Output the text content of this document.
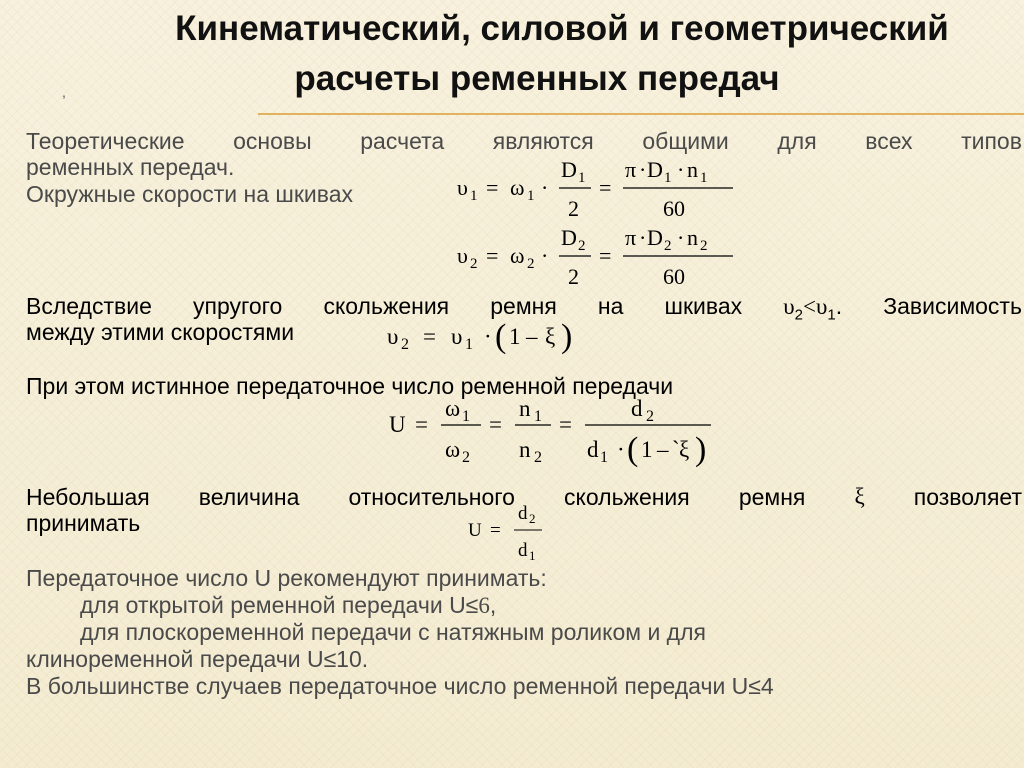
Кинематический, силовой и геометрический
расчеты ременных передач
,
Теоретические основы расчета являются общими для всех типов
ременных передач.
Окружные скорости на шкивах	υ 1 = ω 1 ·
D 1
2
=
π · D 1 · n 1
60
υ 2 = ω 2 ·
D 2
2
=
π · D 2 · n 2
60
Вследствие упругого скольжения ремня на шкивах $\upsilon_2<\upsilon_1$. Зависимость
между этими скоростями	υ 2 = υ 1 · ( 1 – ξ )
При этом истинное передаточное число ременной передачи
U =
ω 1
ω 2
=
n 1
n 2
=
d 2
d 1 · ( 1 – ` ξ )
Небольшая величина относительного скольжения ремня ξ позволяет
принимать	U =
d 2
d 1
Передаточное число U рекомендуют принимать:
для открытой ременной передачи U≤6,
для плоскоременной передачи с натяжным роликом и для
клиноременной передачи U≤10.
В большинстве случаев передаточное число ременной передачи U≤4
